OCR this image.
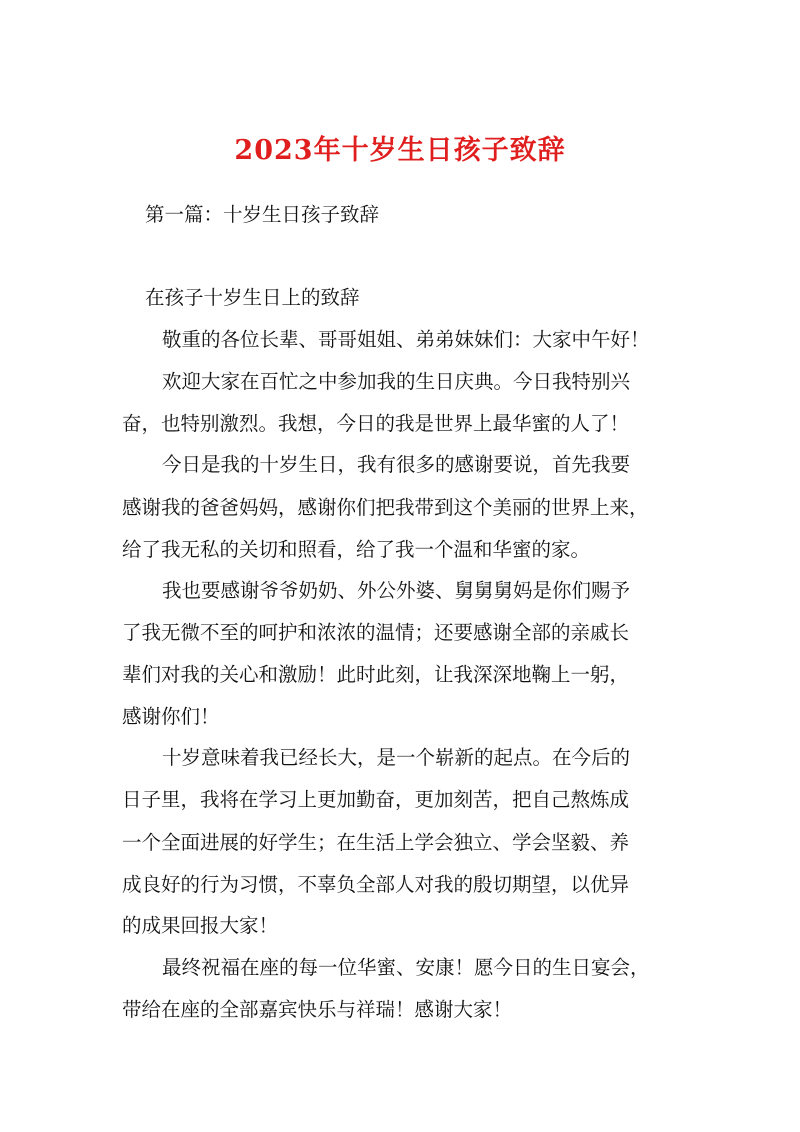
2023年十岁生日孩子致辞
第一篇：十岁生日孩子致辞
在孩子十岁生日上的致辞
敬重的各位长辈、哥哥姐姐、弟弟妹妹们：大家中午好！
欢迎大家在百忙之中参加我的生日庆典。今日我特别兴
奋，也特别激烈。我想，今日的我是世界上最华蜜的人了！
今日是我的十岁生日，我有很多的感谢要说，首先我要
感谢我的爸爸妈妈，感谢你们把我带到这个美丽的世界上来，
给了我无私的关切和照看，给了我一个温和华蜜的家。
我也要感谢爷爷奶奶、外公外婆、舅舅舅妈是你们赐予
了我无微不至的呵护和浓浓的温情；还要感谢全部的亲戚长
辈们对我的关心和激励！此时此刻，让我深深地鞠上一躬，
感谢你们！
十岁意味着我已经长大，是一个崭新的起点。在今后的
日子里，我将在学习上更加勤奋，更加刻苦，把自己熬炼成
一个全面进展的好学生；在生活上学会独立、学会坚毅、养
成良好的行为习惯，不辜负全部人对我的殷切期望，以优异
的成果回报大家！
最终祝福在座的每一位华蜜、安康！愿今日的生日宴会，
带给在座的全部嘉宾快乐与祥瑞！感谢大家！
